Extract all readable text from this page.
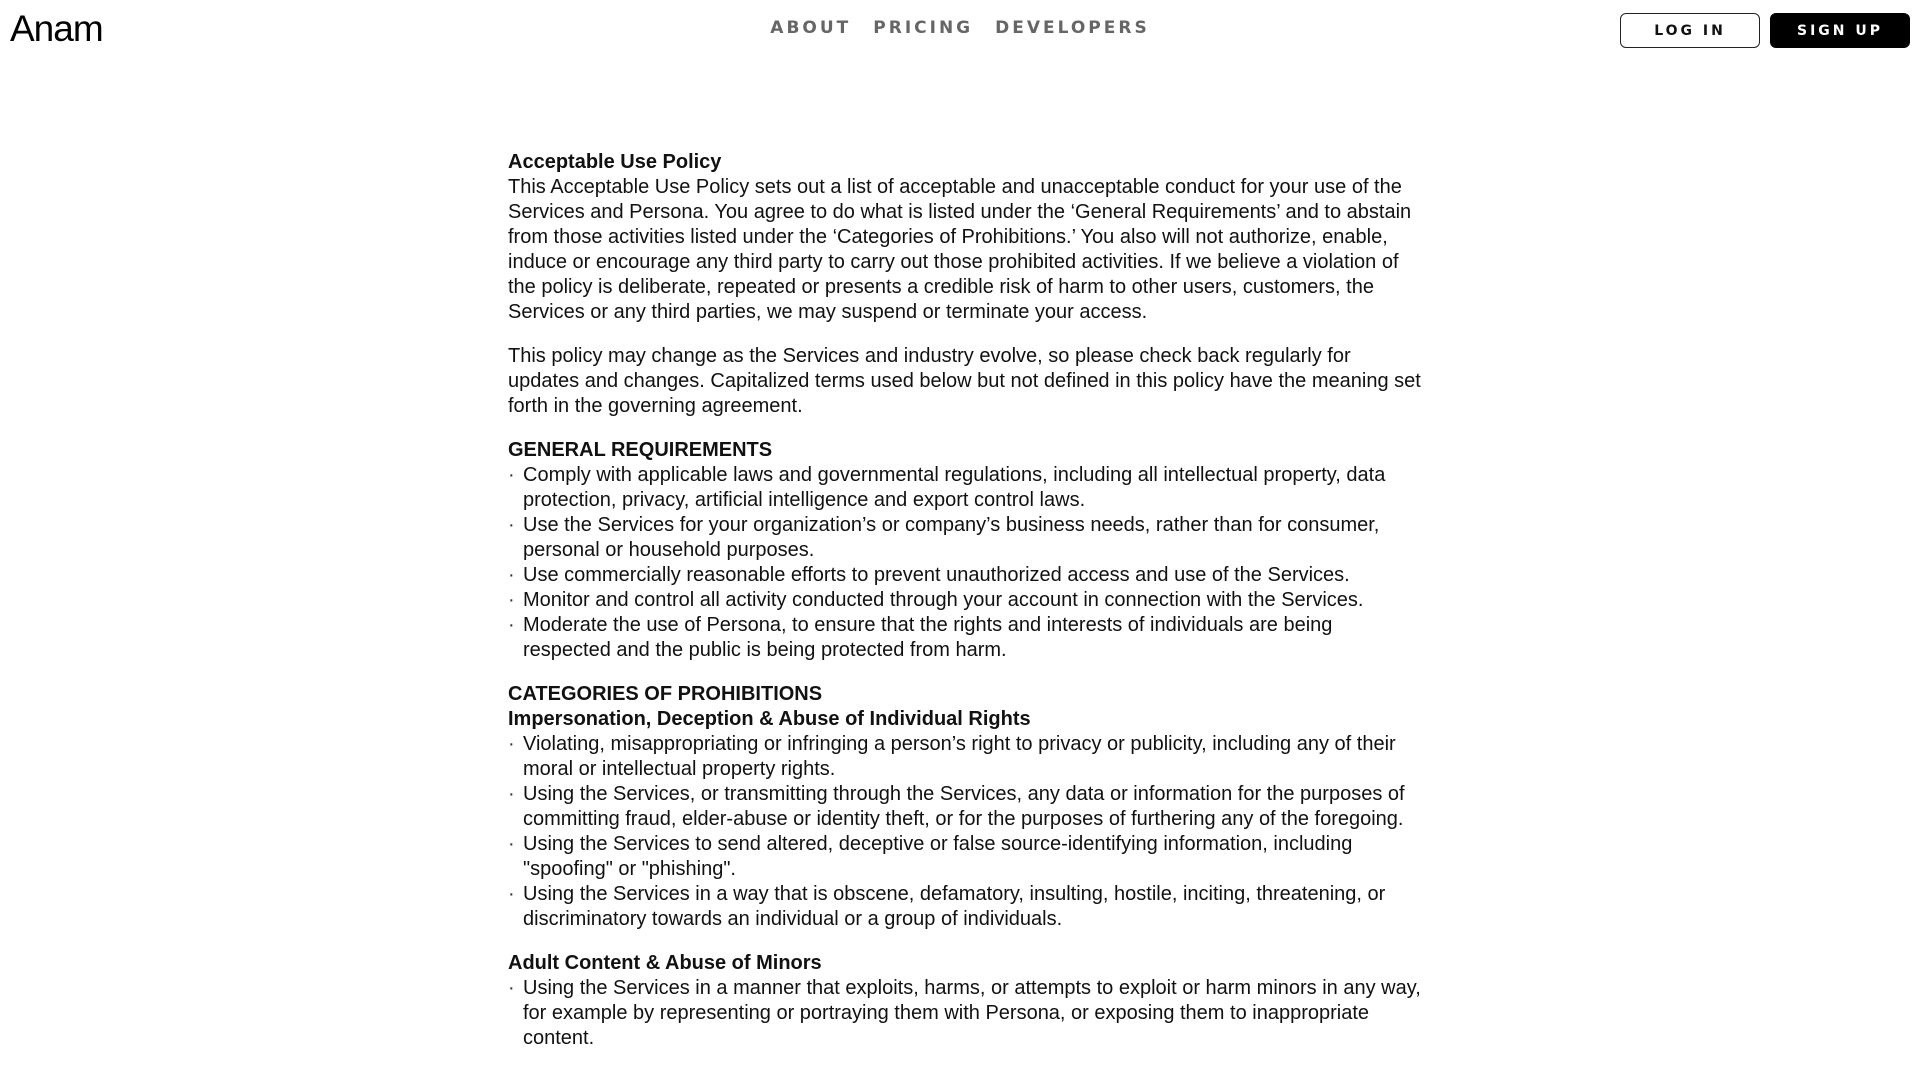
Anam	ABOUT PRICING DEVELOPERS	LOG IN	SIGN UP
Acceptable Use Policy
This Acceptable Use Policy sets out a list of acceptable and unacceptable conduct for your use of the Services and Persona. You agree to do what is listed under the ‘General Requirements’ and to abstain from those activities listed under the ‘Categories of Prohibitions.’ You also will not authorize, enable, induce or encourage any third party to carry out those prohibited activities. If we believe a violation of the policy is deliberate, repeated or presents a credible risk of harm to other users, customers, the Services or any third parties, we may suspend or terminate your access.

This policy may change as the Services and industry evolve, so please check back regularly for updates and changes. Capitalized terms used below but not defined in this policy have the meaning set forth in the governing agreement.

GENERAL REQUIREMENTS
· Comply with applicable laws and governmental regulations, including all intellectual property, data protection, privacy, artificial intelligence and export control laws.
· Use the Services for your organization’s or company’s business needs, rather than for consumer, personal or household purposes.
· Use commercially reasonable efforts to prevent unauthorized access and use of the Services.
· Monitor and control all activity conducted through your account in connection with the Services.
· Moderate the use of Persona, to ensure that the rights and interests of individuals are being respected and the public is being protected from harm.
CATEGORIES OF PROHIBITIONS
Impersonation, Deception & Abuse of Individual Rights
· Violating, misappropriating or infringing a person’s right to privacy or publicity, including any of their moral or intellectual property rights.
· Using the Services, or transmitting through the Services, any data or information for the purposes of committing fraud, elder-abuse or identity theft, or for the purposes of furthering any of the foregoing.
· Using the Services to send altered, deceptive or false source-identifying information, including "spoofing" or "phishing".
· Using the Services in a way that is obscene, defamatory, insulting, hostile, inciting, threatening, or discriminatory towards an individual or a group of individuals.
Adult Content & Abuse of Minors
· Using the Services in a manner that exploits, harms, or attempts to exploit or harm minors in any way, for example by representing or portraying them with Persona, or exposing them to inappropriate content.
